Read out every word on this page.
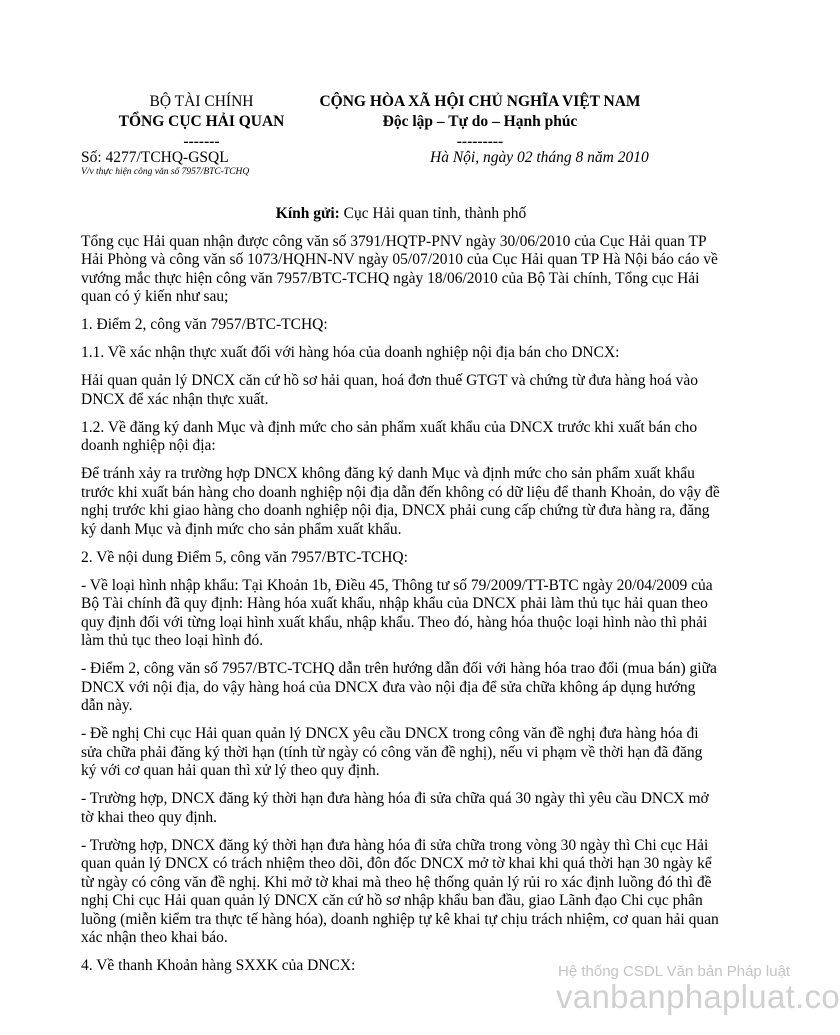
BỘ TÀI CHÍNH
TỔNG CỤC HẢI QUAN
-------
CỘNG HÒA XÃ HỘI CHỦ NGHĨA VIỆT NAM
Độc lập – Tự do – Hạnh phúc
---------
Số: 4277/TCHQ-GSQL
V/v thực hiện công văn số 7957/BTC-TCHQ
Hà Nội, ngày 02 tháng 8 năm 2010

Kính gửi: Cục Hải quan tỉnh, thành phố

Tổng cục Hải quan nhận được công văn số 3791/HQTP-PNV ngày 30/06/2010 của Cục Hải quan TP Hải Phòng và công văn số 1073/HQHN-NV ngày 05/07/2010 của Cục Hải quan TP Hà Nội báo cáo về vướng mắc thực hiện công văn 7957/BTC-TCHQ ngày 18/06/2010 của Bộ Tài chính, Tổng cục Hải quan có ý kiến như sau;

1. Điểm 2, công văn 7957/BTC-TCHQ:

1.1. Về xác nhận thực xuất đối với hàng hóa của doanh nghiệp nội địa bán cho DNCX:

Hải quan quản lý DNCX căn cứ hồ sơ hải quan, hoá đơn thuế GTGT và chứng từ đưa hàng hoá vào DNCX để xác nhận thực xuất.

1.2. Về đăng ký danh Mục và định mức cho sản phẩm xuất khẩu của DNCX trước khi xuất bán cho doanh nghiệp nội địa:

Để tránh xảy ra trường hợp DNCX không đăng ký danh Mục và định mức cho sản phẩm xuất khẩu trước khi xuất bán hàng cho doanh nghiệp nội địa dẫn đến không có dữ liệu để thanh Khoản, do vậy đề nghị trước khi giao hàng cho doanh nghiệp nội địa, DNCX phải cung cấp chứng từ đưa hàng ra, đăng ký danh Mục và định mức cho sản phẩm xuất khẩu.

2. Về nội dung Điểm 5, công văn 7957/BTC-TCHQ:

- Về loại hình nhập khẩu: Tại Khoản 1b, Điều 45, Thông tư số 79/2009/TT-BTC ngày 20/04/2009 của Bộ Tài chính đã quy định: Hàng hóa xuất khẩu, nhập khẩu của DNCX phải làm thủ tục hải quan theo quy định đối với từng loại hình xuất khẩu, nhập khẩu. Theo đó, hàng hóa thuộc loại hình nào thì phải làm thủ tục theo loại hình đó.

- Điểm 2, công văn số 7957/BTC-TCHQ dẫn trên hướng dẫn đối với hàng hóa trao đổi (mua bán) giữa DNCX với nội địa, do vậy hàng hoá của DNCX đưa vào nội địa để sửa chữa không áp dụng hướng dẫn này.

- Đề nghị Chi cục Hải quan quản lý DNCX yêu cầu DNCX trong công văn đề nghị đưa hàng hóa đi sửa chữa phải đăng ký thời hạn (tính từ ngày có công văn đề nghị), nếu vi phạm về thời hạn đã đăng ký với cơ quan hải quan thì xử lý theo quy định.

- Trường hợp, DNCX đăng ký thời hạn đưa hàng hóa đi sửa chữa quá 30 ngày thì yêu cầu DNCX mở tờ khai theo quy định.

- Trường hợp, DNCX đăng ký thời hạn đưa hàng hóa đi sửa chữa trong vòng 30 ngày thì Chi cục Hải quan quản lý DNCX có trách nhiệm theo dõi, đôn đốc DNCX mở tờ khai khi quá thời hạn 30 ngày kể từ ngày có công văn đề nghị. Khi mở tờ khai mà theo hệ thống quản lý rủi ro xác định luồng đó thì đề nghị Chi cục Hải quan quản lý DNCX căn cứ hồ sơ nhập khẩu ban đầu, giao Lãnh đạo Chi cục phân luồng (miễn kiểm tra thực tế hàng hóa), doanh nghiệp tự kê khai tự chịu trách nhiệm, cơ quan hải quan xác nhận theo khai báo.

4. Về thanh Khoản hàng SXXK của DNCX:	Hệ thống CSDL Văn bản Pháp luật
vanbanphapluat.co
